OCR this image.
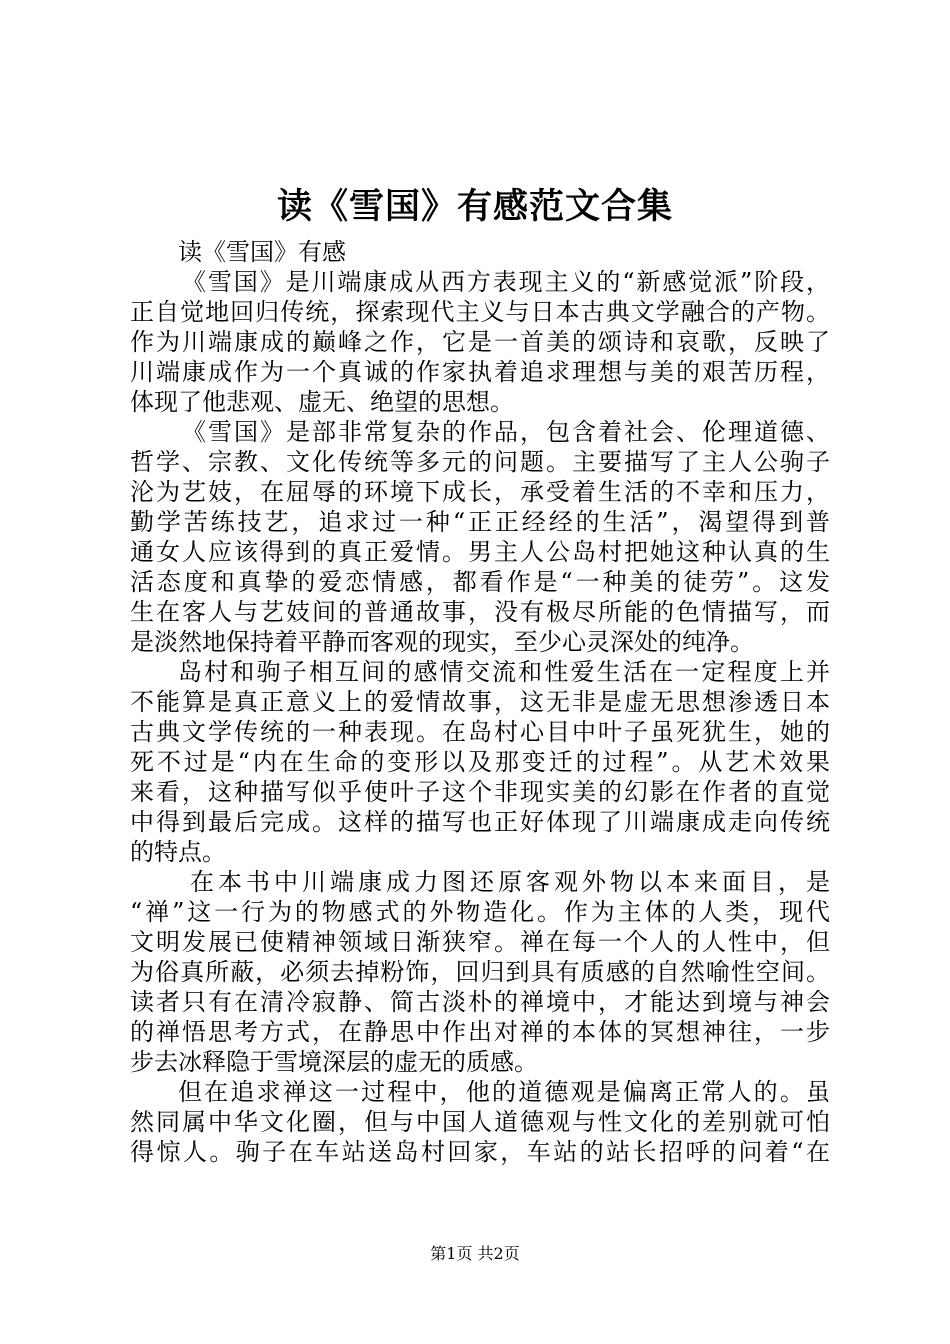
读《雪国》有感范文合集
读《雪国》有感
《雪国》是川端康成从西方表现主义的“新感觉派”阶段，
正自觉地回归传统，探索现代主义与日本古典文学融合的产物。
作为川端康成的巅峰之作，它是一首美的颂诗和哀歌，反映了
川端康成作为一个真诚的作家执着追求理想与美的艰苦历程，
体现了他悲观、虚无、绝望的思想。
《雪国》是部非常复杂的作品，包含着社会、伦理道德、
哲学、宗教、文化传统等多元的问题。主要描写了主人公驹子
沦为艺妓，在屈辱的环境下成长，承受着生活的不幸和压力，
勤学苦练技艺，追求过一种“正正经经的生活”，渴望得到普
通女人应该得到的真正爱情。男主人公岛村把她这种认真的生
活态度和真挚的爱恋情感，都看作是“一种美的徒劳”。这发
生在客人与艺妓间的普通故事，没有极尽所能的色情描写，而
是淡然地保持着平静而客观的现实，至少心灵深处的纯净。
岛村和驹子相互间的感情交流和性爱生活在一定程度上并
不能算是真正意义上的爱情故事，这无非是虚无思想渗透日本
古典文学传统的一种表现。在岛村心目中叶子虽死犹生，她的
死不过是“内在生命的变形以及那变迁的过程”。从艺术效果
来看，这种描写似乎使叶子这个非现实美的幻影在作者的直觉
中得到最后完成。这样的描写也正好体现了川端康成走向传统
的特点。
在本书中川端康成力图还原客观外物以本来面目，是
“禅”这一行为的物感式的外物造化。作为主体的人类，现代
文明发展已使精神领域日渐狭窄。禅在每一个人的人性中，但
为俗真所蔽，必须去掉粉饰，回归到具有质感的自然喻性空间。
读者只有在清冷寂静、简古淡朴的禅境中，才能达到境与神会
的禅悟思考方式，在静思中作出对禅的本体的冥想神往，一步
步去冰释隐于雪境深层的虚无的质感。
但在追求禅这一过程中，他的道德观是偏离正常人的。虽
然同属中华文化圈，但与中国人道德观与性文化的差别就可怕
得惊人。驹子在车站送岛村回家，车站的站长招呼的问着“在
第1页 共2页
